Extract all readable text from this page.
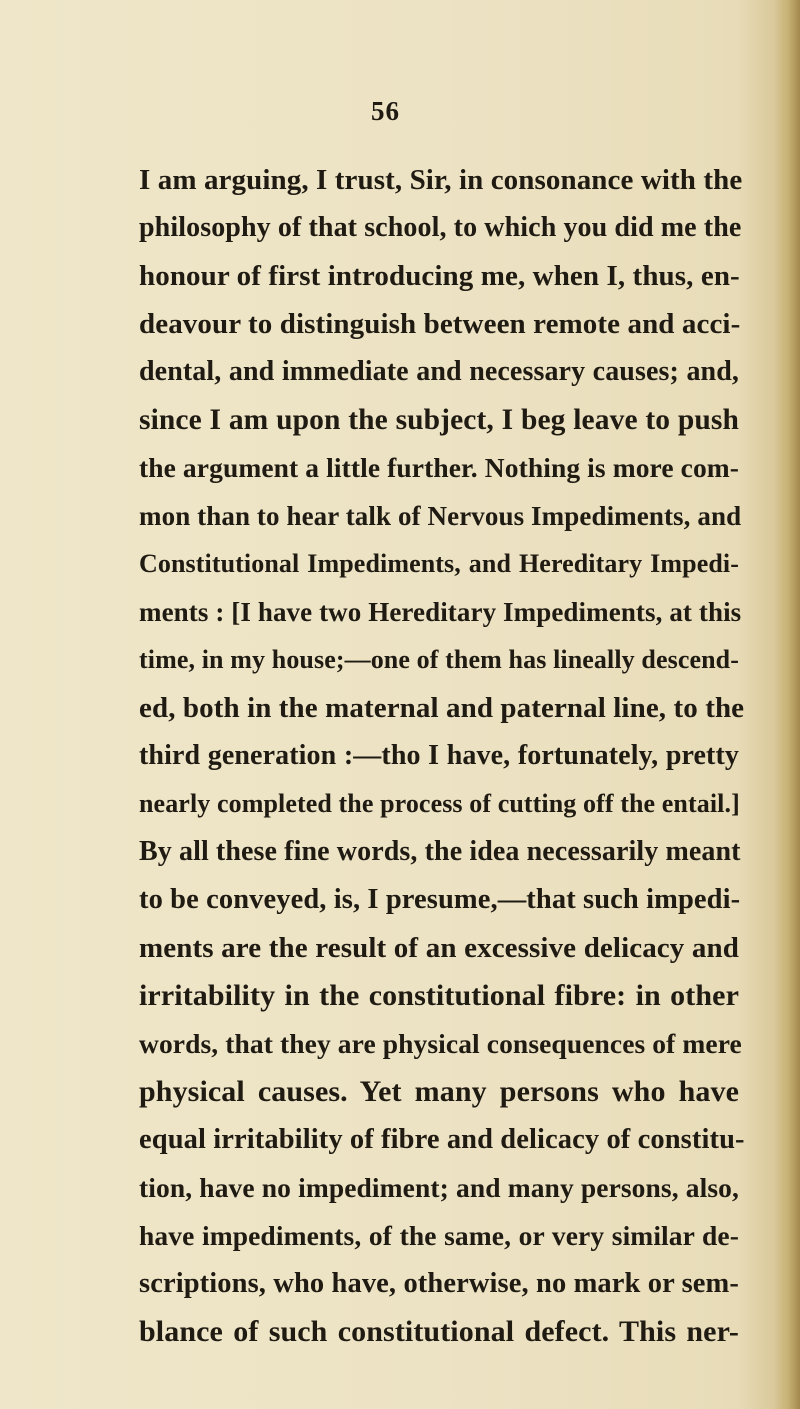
56
I am arguing, I trust, Sir, in consonance with the
philosophy of that school, to which you did me the
honour of first introducing me, when I, thus, en-
deavour to distinguish between remote and acci-
dental, and immediate and necessary causes; and,
since I am upon the subject, I beg leave to push
the argument a little further. Nothing is more com-
mon than to hear talk of Nervous Impediments, and
Constitutional Impediments, and Hereditary Impedi-
ments : [I have two Hereditary Impediments, at this
time, in my house;—one of them has lineally descend-
ed, both in the maternal and paternal line, to the
third generation :—tho I have, fortunately, pretty
nearly completed the process of cutting off the entail.]
By all these fine words, the idea necessarily meant
to be conveyed, is, I presume,—that such impedi-
ments are the result of an excessive delicacy and
irritability in the constitutional fibre: in other
words, that they are physical consequences of mere
physical causes. Yet many persons who have
equal irritability of fibre and delicacy of constitu-
tion, have no impediment; and many persons, also,
have impediments, of the same, or very similar de-
scriptions, who have, otherwise, no mark or sem-
blance of such constitutional defect. This ner-
